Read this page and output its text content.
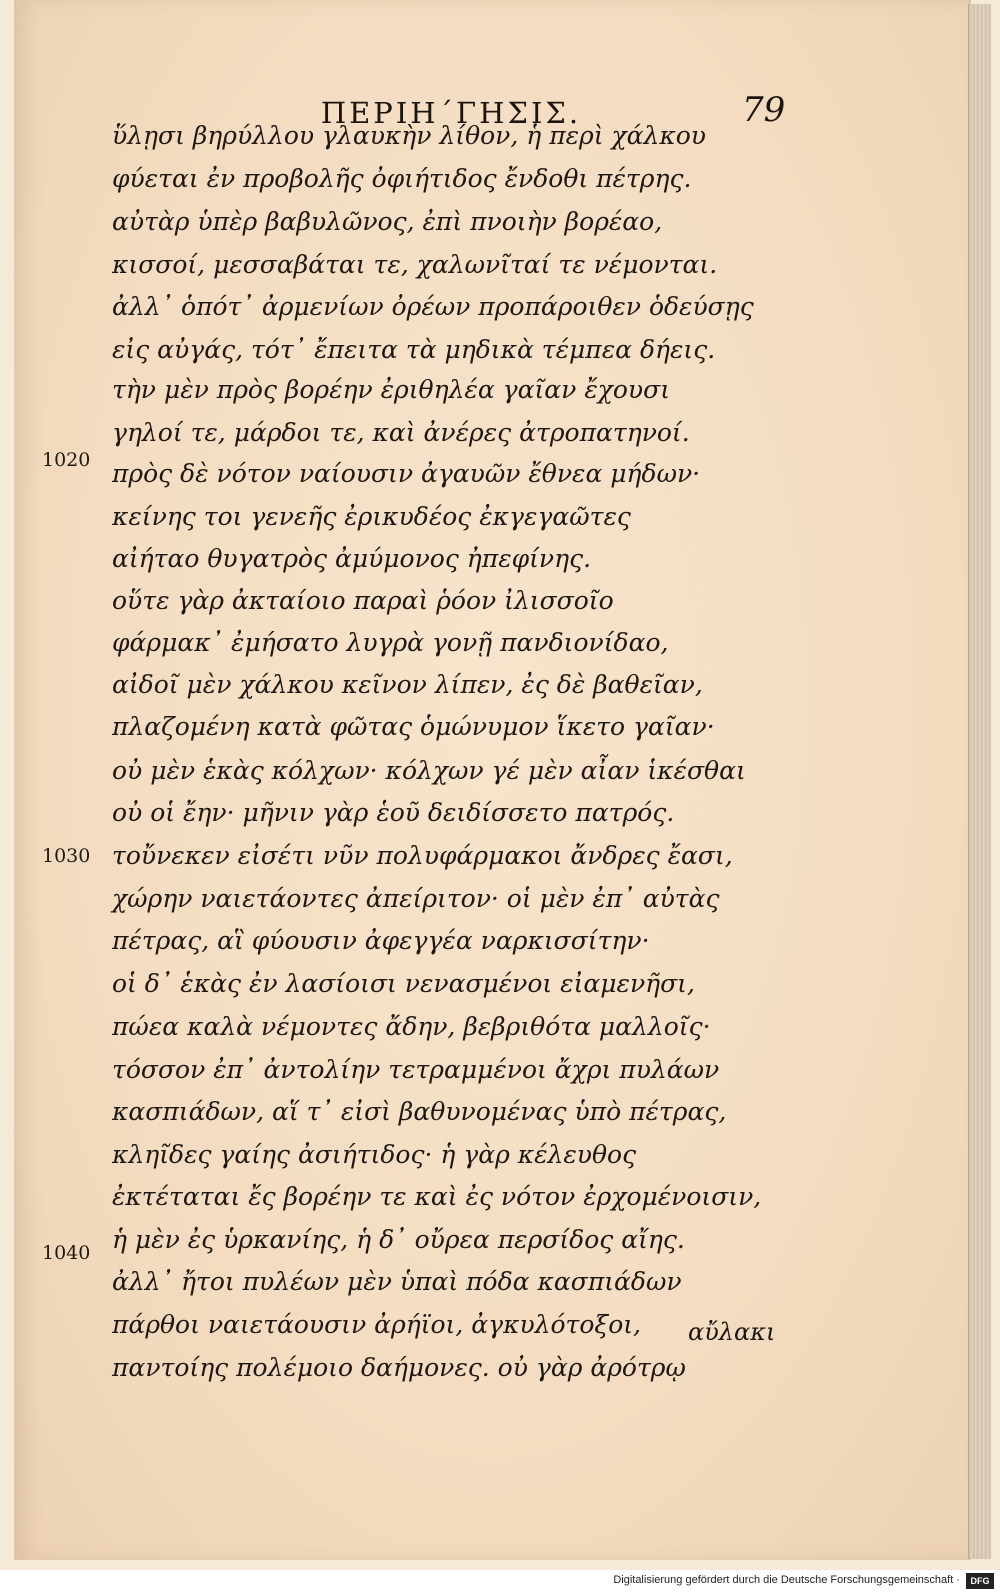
ΠΕΡΙΗ΄ΓΗΣΙΣ.	79
ὕλῃσι βηρύλλου γλαυκὴν λίθον, ἡ περὶ χάλκου
φύεται ἐν προβολῆς ὀφιήτιδος ἔνδοθι πέτρης.
αὐτὰρ ὑπὲρ βαβυλῶνος, ἐπὶ πνοιὴν βορέαο,
κισσοί, μεσσαβάται τε, χαλωνῖταί τε νέμονται.
ἀλλ᾽ ὁπότ᾽ ἀρμενίων ὀρέων προπάροιθεν ὁδεύσῃς
εἰς αὐγάς, τότ᾽ ἔπειτα τὰ μηδικὰ τέμπεα δήεις.
τὴν μὲν πρὸς βορέην ἐριθηλέα γαῖαν ἔχουσι
γηλοί τε, μάρδοι τε, καὶ ἀνέρες ἀτροπατηνοί.
πρὸς δὲ νότον ναίουσιν ἀγαυῶν ἔθνεα μήδων·
κείνης τοι γενεῆς ἐρικυδέος ἐκγεγαῶτες
αἰήταο θυγατρὸς ἀμύμονος ἠπεφίνης.
οὕτε γὰρ ἀκταίοιο παραὶ ῥόον ἰλισσοῖο
φάρμακ᾽ ἐμήσατο λυγρὰ γονῇ πανδιονίδαο,
αἰδοῖ μὲν χάλκου κεῖνον λίπεν, ἐς δὲ βαθεῖαν,
πλαζομένη κατὰ φῶτας ὁμώνυμον ἵκετο γαῖαν·
οὐ μὲν ἑκὰς κόλχων· κόλχων γέ μὲν αἶαν ἱκέσθαι
οὐ οἱ ἔην· μῆνιν γὰρ ἑοῦ δειδίσσετο πατρός.
τοὔνεκεν εἰσέτι νῦν πολυφάρμακοι ἄνδρες ἔασι,
χώρην ναιετάοντες ἀπείριτον· οἱ μὲν ἐπ᾽ αὐτὰς
πέτρας, αἳ φύουσιν ἀφεγγέα ναρκισσίτην·
οἱ δ᾽ ἑκὰς ἐν λασίοισι νενασμένοι εἰαμενῆσι,
πώεα καλὰ νέμοντες ἄδην, βεβριθότα μαλλοῖς·
τόσσον ἐπ᾽ ἀντολίην τετραμμένοι ἄχρι πυλάων
κασπιάδων, αἵ τ᾽ εἰσὶ βαθυνομένας ὑπὸ πέτρας,
κληῖδες γαίης ἀσιήτιδος· ἡ γὰρ κέλευθος
ἐκτέταται ἔς βορέην τε καὶ ἐς νότον ἐρχομένοισιν,
ἡ μὲν ἐς ὑρκανίης, ἡ δ᾽ οὔρεα περσίδος αἴης.
ἀλλ᾽ ἤτοι πυλέων μὲν ὑπαὶ πόδα κασπιάδων
πάρθοι ναιετάουσιν ἀρήϊοι, ἀγκυλότοξοι,
παντοίης πολέμοιο δαήμονες. οὐ γὰρ ἀρότρῳ
1020
1030
1040
αὔλακι
Digitalisierung gefördert durch die Deutsche Forschungsgemeinschaft ·	DFG
